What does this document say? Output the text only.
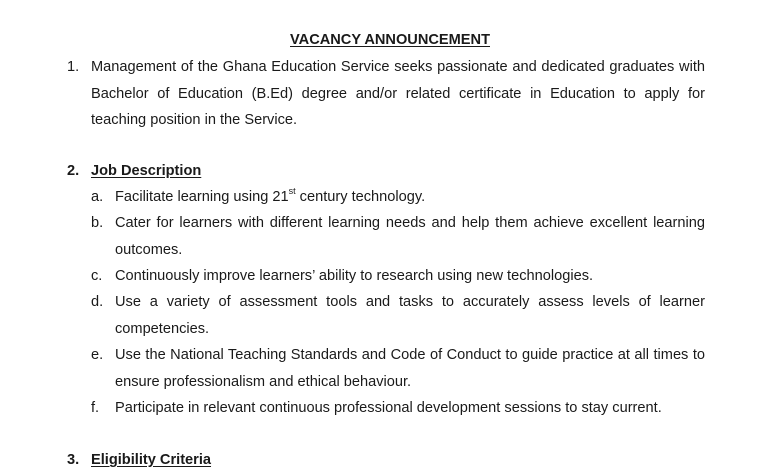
VACANCY ANNOUNCEMENT
1. Management of the Ghana Education Service seeks passionate and dedicated graduates with Bachelor of Education (B.Ed) degree and/or related certificate in Education to apply for teaching position in the Service.
2. Job Description
a. Facilitate learning using 21st century technology.
b. Cater for learners with different learning needs and help them achieve excellent learning outcomes.
c. Continuously improve learners’ ability to research using new technologies.
d. Use a variety of assessment tools and tasks to accurately assess levels of learner competencies.
e. Use the National Teaching Standards and Code of Conduct to guide practice at all times to ensure professionalism and ethical behaviour.
f.	Participate in relevant continuous professional development sessions to stay current.
3. Eligibility Criteria
